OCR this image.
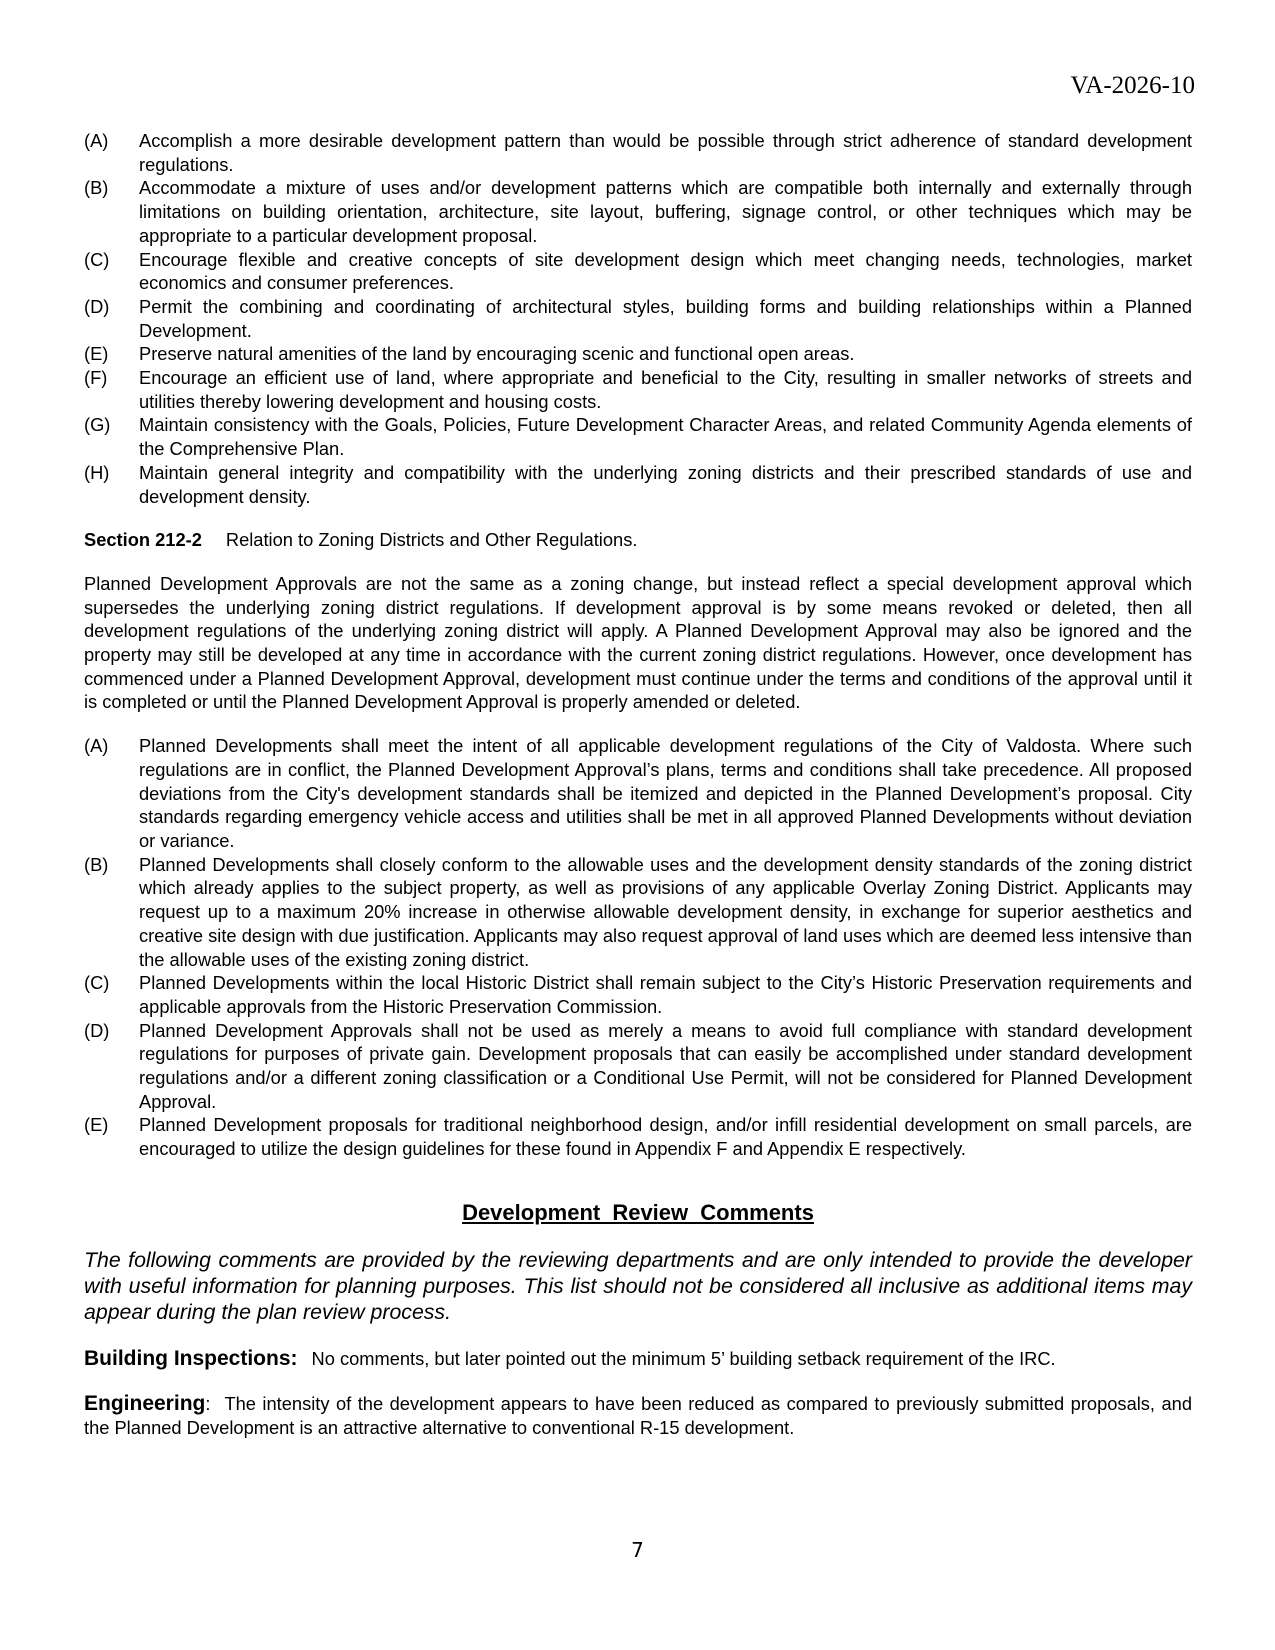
VA-2026-10
(A)	Accomplish a more desirable development pattern than would be possible through strict adherence of standard development regulations.
(B)	Accommodate a mixture of uses and/or development patterns which are compatible both internally and externally through limitations on building orientation, architecture, site layout, buffering, signage control, or other techniques which may be appropriate to a particular development proposal.
(C)	Encourage flexible and creative concepts of site development design which meet changing needs, technologies, market economics and consumer preferences.
(D)	Permit the combining and coordinating of architectural styles, building forms and building relationships within a Planned Development.
(E)	Preserve natural amenities of the land by encouraging scenic and functional open areas.
(F)	Encourage an efficient use of land, where appropriate and beneficial to the City, resulting in smaller networks of streets and utilities thereby lowering development and housing costs.
(G)	Maintain consistency with the Goals, Policies, Future Development Character Areas, and related Community Agenda elements of the Comprehensive Plan.
(H)	Maintain general integrity and compatibility with the underlying zoning districts and their prescribed standards of use and development density.
Section 212-2 Relation to Zoning Districts and Other Regulations.
Planned Development Approvals are not the same as a zoning change, but instead reflect a special development approval which supersedes the underlying zoning district regulations. If development approval is by some means revoked or deleted, then all development regulations of the underlying zoning district will apply. A Planned Development Approval may also be ignored and the property may still be developed at any time in accordance with the current zoning district regulations. However, once development has commenced under a Planned Development Approval, development must continue under the terms and conditions of the approval until it is completed or until the Planned Development Approval is properly amended or deleted.
(A)	Planned Developments shall meet the intent of all applicable development regulations of the City of Valdosta. Where such regulations are in conflict, the Planned Development Approval’s plans, terms and conditions shall take precedence. All proposed deviations from the City's development standards shall be itemized and depicted in the Planned Development’s proposal. City standards regarding emergency vehicle access and utilities shall be met in all approved Planned Developments without deviation or variance.
(B)	Planned Developments shall closely conform to the allowable uses and the development density standards of the zoning district which already applies to the subject property, as well as provisions of any applicable Overlay Zoning District. Applicants may request up to a maximum 20% increase in otherwise allowable development density, in exchange for superior aesthetics and creative site design with due justification. Applicants may also request approval of land uses which are deemed less intensive than the allowable uses of the existing zoning district.
(C)	Planned Developments within the local Historic District shall remain subject to the City’s Historic Preservation requirements and applicable approvals from the Historic Preservation Commission.
(D)	Planned Development Approvals shall not be used as merely a means to avoid full compliance with standard development regulations for purposes of private gain. Development proposals that can easily be accomplished under standard development regulations and/or a different zoning classification or a Conditional Use Permit, will not be considered for Planned Development Approval.
(E)	Planned Development proposals for traditional neighborhood design, and/or infill residential development on small parcels, are encouraged to utilize the design guidelines for these found in Appendix F and Appendix E respectively.
Development Review Comments
The following comments are provided by the reviewing departments and are only intended to provide the developer with useful information for planning purposes. This list should not be considered all inclusive as additional items may appear during the plan review process.
Building Inspections: No comments, but later pointed out the minimum 5’ building setback requirement of the IRC.
Engineering: The intensity of the development appears to have been reduced as compared to previously submitted proposals, and the Planned Development is an attractive alternative to conventional R-15 development.
7
